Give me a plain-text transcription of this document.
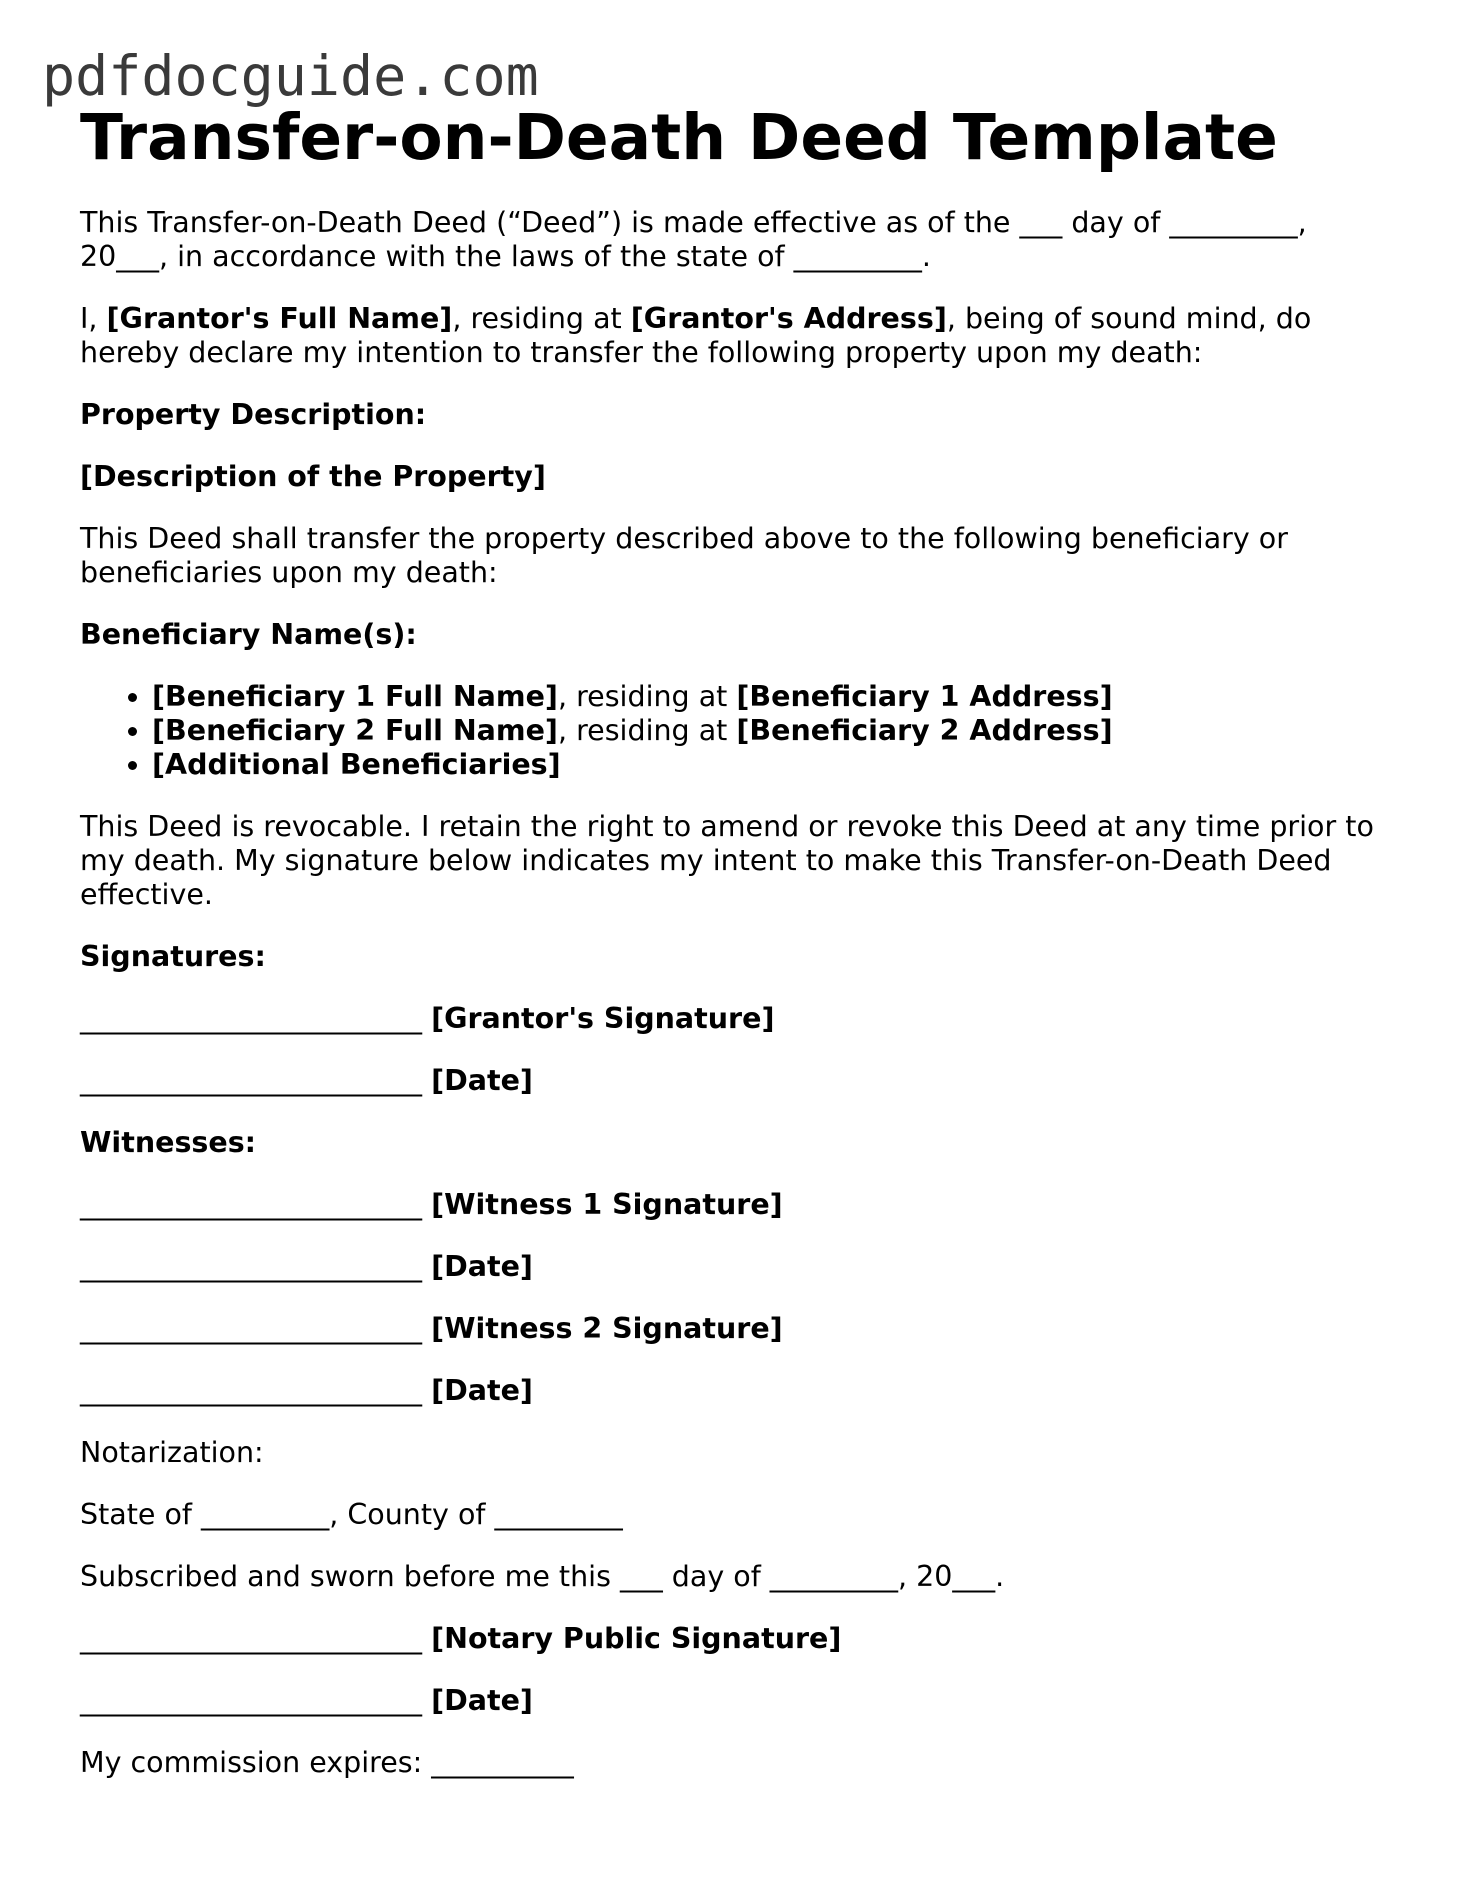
pdfdocguide.com
Transfer-on-Death Deed Template

This Transfer-on-Death Deed (“Deed”) is made effective as of the ___ day of _________,
20___, in accordance with the laws of the state of _________.

I, [Grantor's Full Name], residing at [Grantor's Address], being of sound mind, do
hereby declare my intention to transfer the following property upon my death:

Property Description:

[Description of the Property]

This Deed shall transfer the property described above to the following beneficiary or
beneficiaries upon my death:

Beneficiary Name(s):

• [Beneficiary 1 Full Name], residing at [Beneficiary 1 Address]
• [Beneficiary 2 Full Name], residing at [Beneficiary 2 Address]
• [Additional Beneficiaries]

This Deed is revocable. I retain the right to amend or revoke this Deed at any time prior to
my death. My signature below indicates my intent to make this Transfer-on-Death Deed
effective.

Signatures:

________________________ [Grantor's Signature]

________________________ [Date]

Witnesses:

________________________ [Witness 1 Signature]

________________________ [Date]

________________________ [Witness 2 Signature]

________________________ [Date]

Notarization:

State of _________, County of _________

Subscribed and sworn before me this ___ day of _________, 20___.

________________________ [Notary Public Signature]

________________________ [Date]

My commission expires: __________
